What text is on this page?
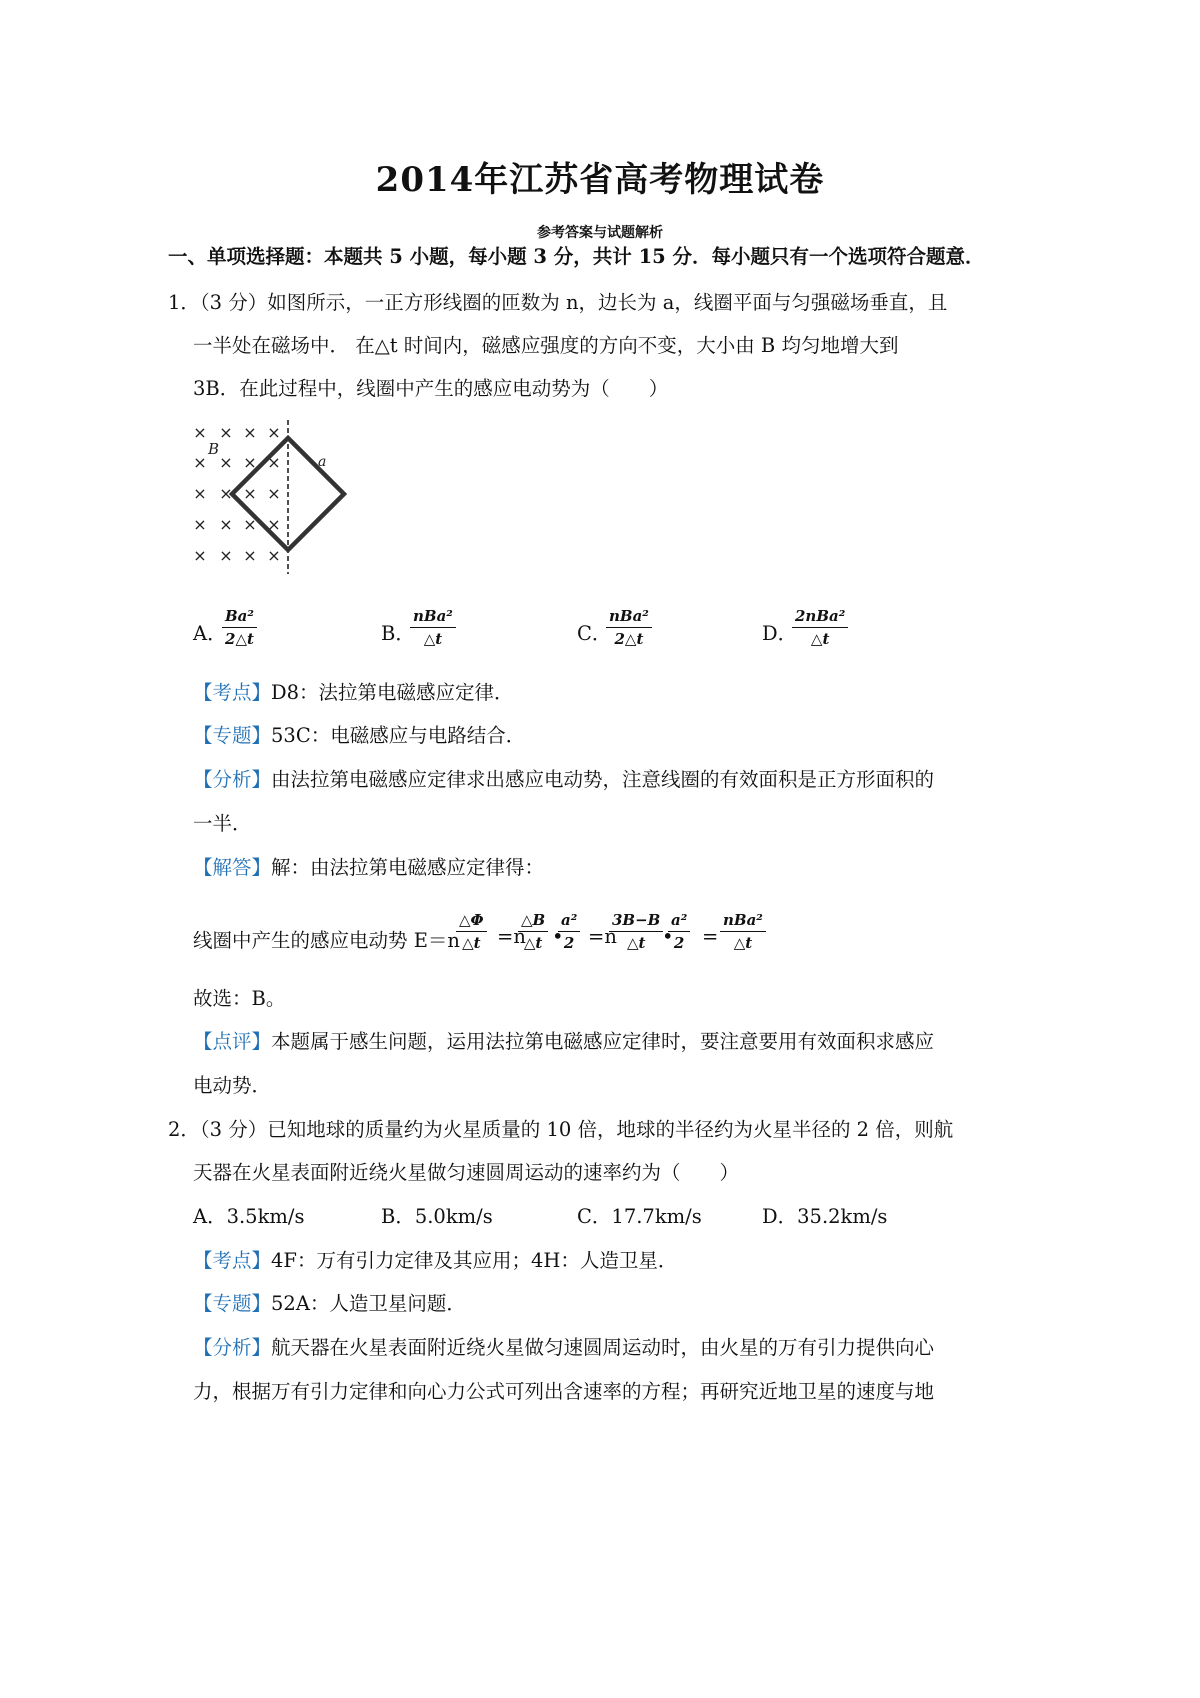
2014年江苏省高考物理试卷
参考答案与试题解析
一、单项选择题：本题共 5 小题，每小题 3 分，共计 15 分．每小题只有一个选项符合题意．
1．（3 分）如图所示，一正方形线圈的匝数为 n，边长为 a，线圈平面与匀强磁场垂直，且
一半处在磁场中． 在△t 时间内，磁感应强度的方向不变，大小由 B 均匀地增大到
3B．在此过程中，线圈中产生的感应电动势为（　　）
× × × ×
× × × ×
× × × ×
× × × ×
× × × ×
B
a
A．
$\frac{\text{Ba²}}{2\triangle t}$	B．
nBa²
△t	C．
nBa²
2△t	D．
2nBa²
△t
【考点】D8：法拉第电磁感应定律．
【专题】53C：电磁感应与电路结合．
【分析】由法拉第电磁感应定律求出感应电动势，注意线圈的有效面积是正方形面积的
一半．
【解答】解：由法拉第电磁感应定律得：
线圈中产生的感应电动势 E＝n
$\frac{\triangle\Phi}{\triangle t} =n$
$\frac{\triangle B}{\triangle t}$ •
$\frac{\text{a²}}{2} =n$
$\frac{3B-B}{\triangle t}$
•
$\frac{\text{a²}}{2}$ =
nBa²
△t
故选：B。
【点评】本题属于感生问题，运用法拉第电磁感应定律时，要注意要用有效面积求感应
电动势．
2．（3 分）已知地球的质量约为火星质量的 10 倍，地球的半径约为火星半径的 2 倍，则航
天器在火星表面附近绕火星做匀速圆周运动的速率约为（　　）
A．3.5km/s	B．5.0km/s	C．17.7km/s	D．35.2km/s
【考点】4F：万有引力定律及其应用；4H：人造卫星．
【专题】52A：人造卫星问题．
【分析】航天器在火星表面附近绕火星做匀速圆周运动时，由火星的万有引力提供向心
力，根据万有引力定律和向心力公式可列出含速率的方程；再研究近地卫星的速度与地
